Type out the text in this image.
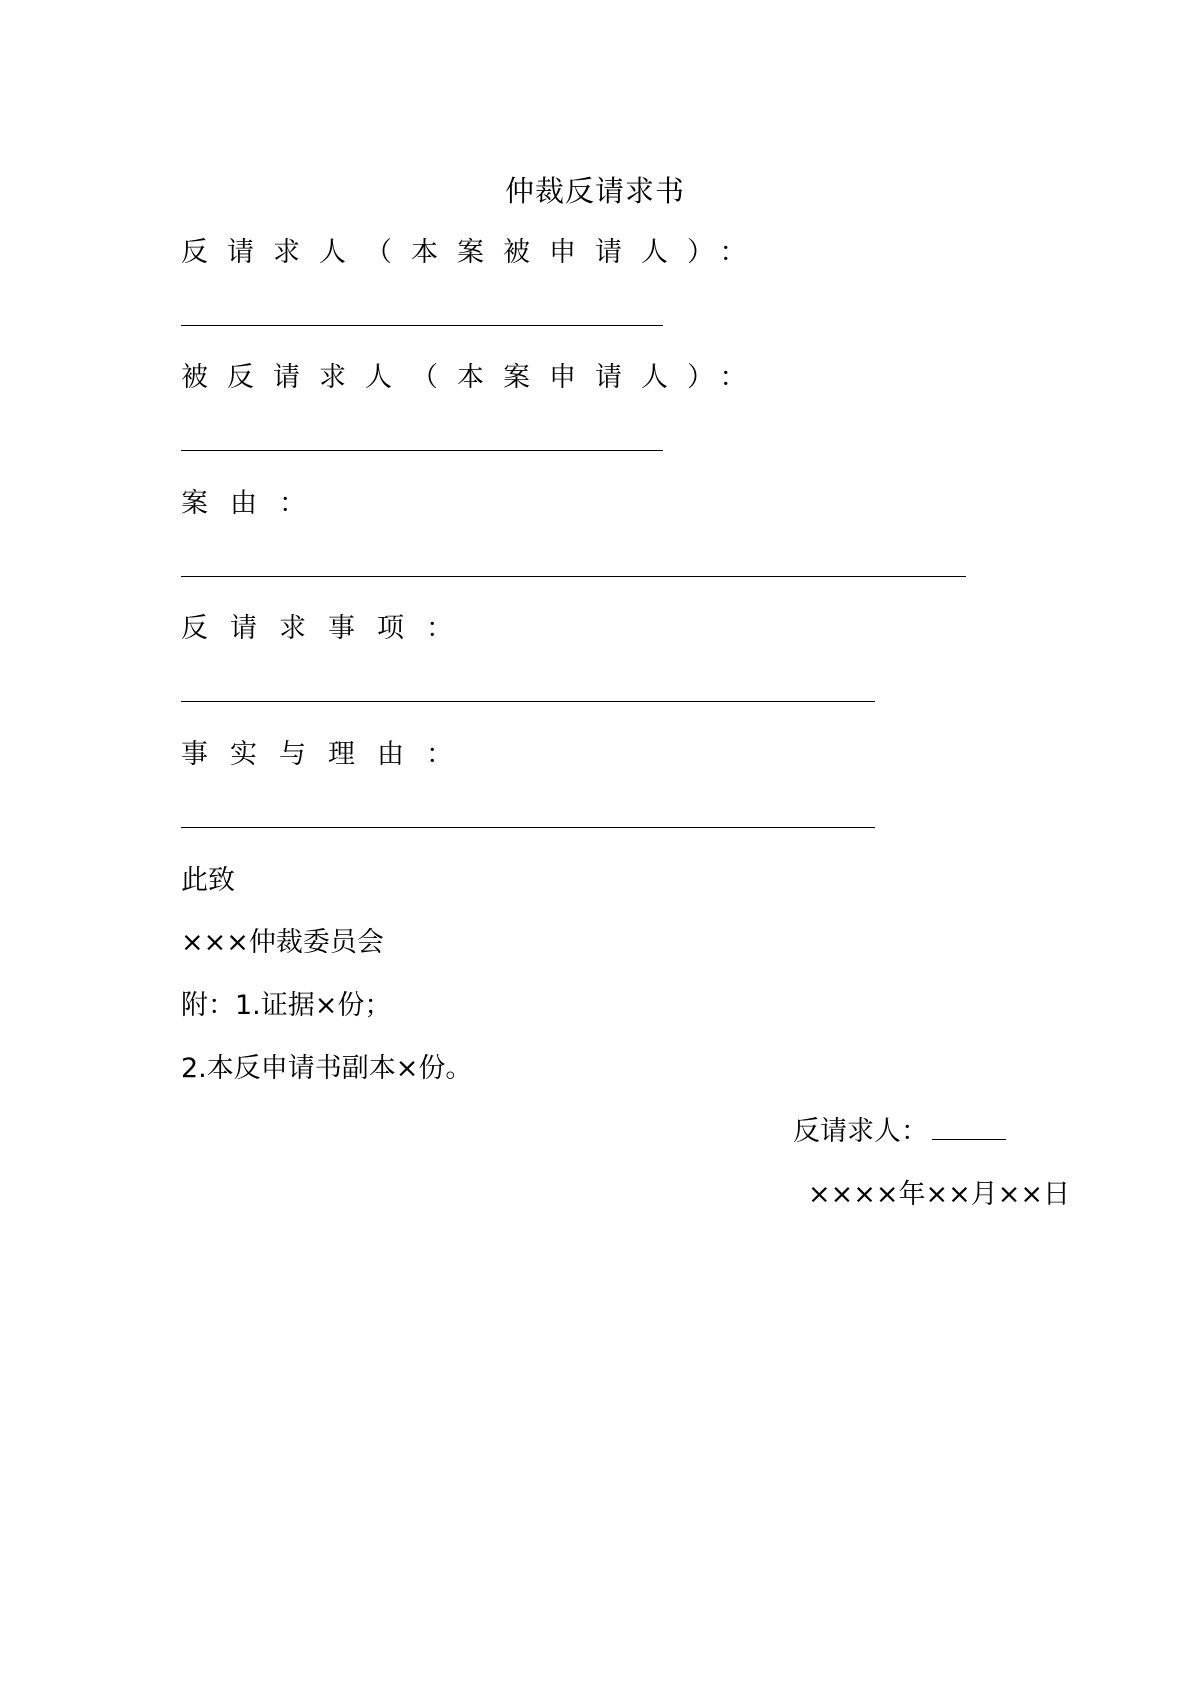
仲裁反请求书
反请求人（本案被申请人）：
被反请求人（本案申请人）：
案由：
反请求事项：
事实与理由：
此致
×××仲裁委员会
附：1.证据×份；
2.本反申请书副本×份。
反请求人：
××××年××月××日
